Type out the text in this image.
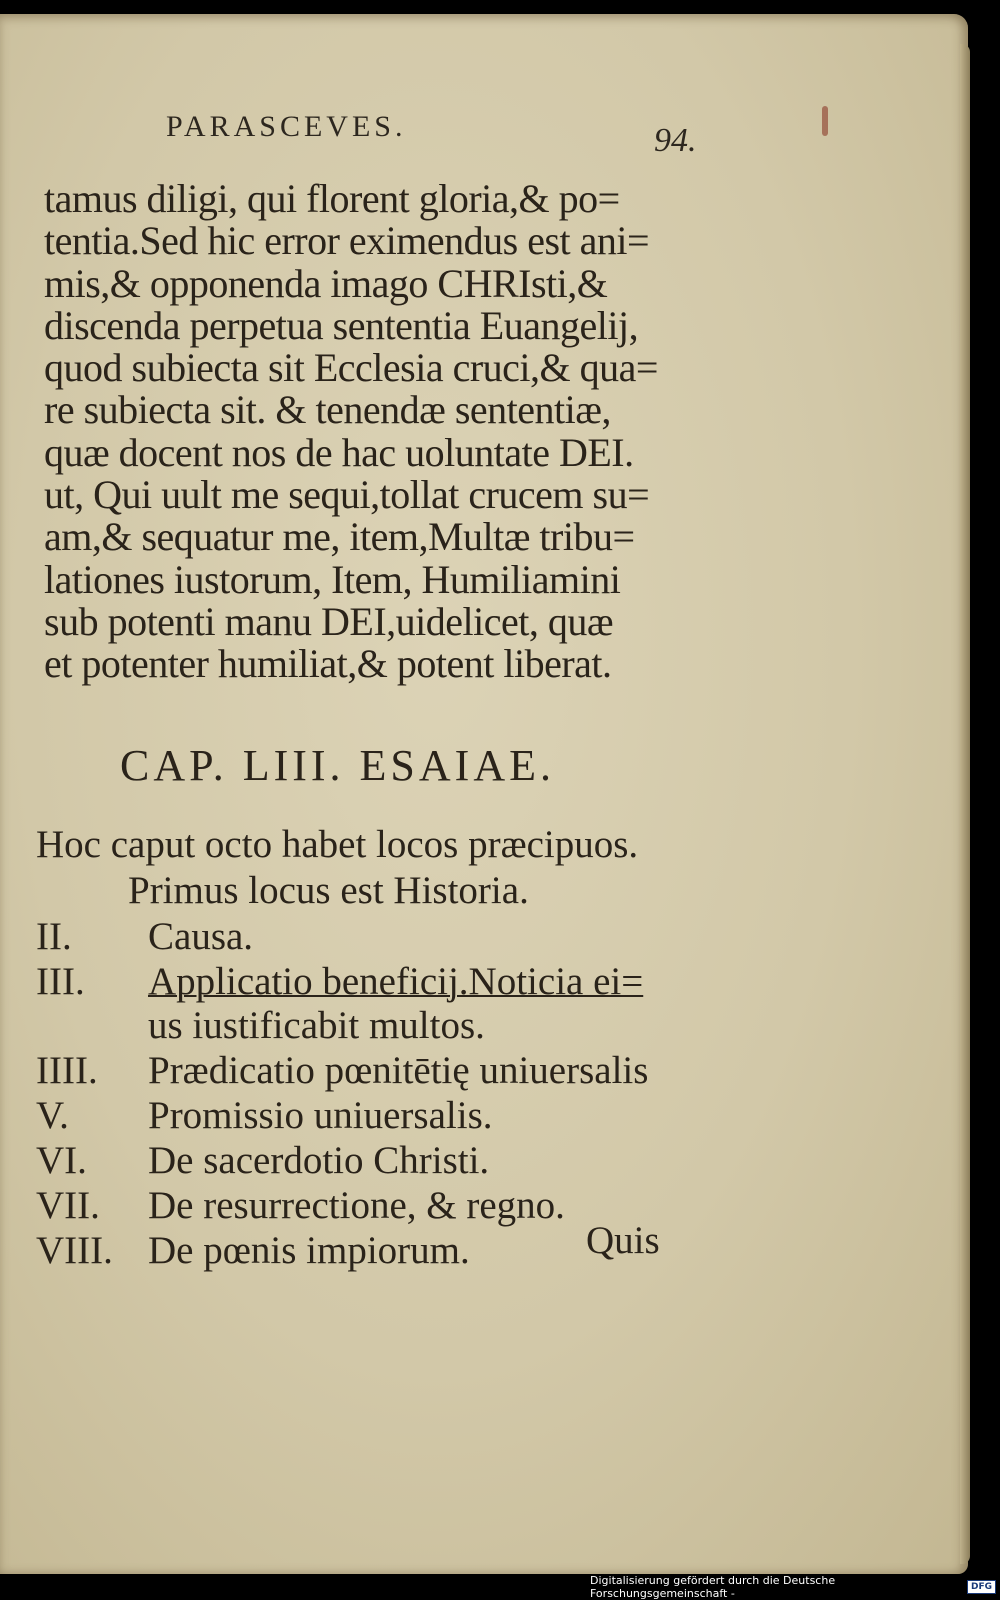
PARASCEVES.	94.
tamus diligi, qui florent gloria,& po=
tentia.Sed hic error eximendus est ani=
mis,& opponenda imago CHRIsti,&
discenda perpetua sententia Euangelij,
quod subiecta sit Ecclesia cruci,& qua=
re subiecta sit. & tenendæ sententiæ,
quæ docent nos de hac uoluntate DEI.
ut, Qui uult me sequi,tollat crucem su=
am,& sequatur me, item,Multæ tribu=
lationes iustorum, Item, Humiliamini
sub potenti manu DEI,uidelicet, quæ
et potenter humiliat,& potent liberat.
CAP. LIII. ESAIAE.
Hoc caput octo habet locos præcipuos.
Primus locus est Historia.
II.	Causa.
III.	Applicatio beneficij.Noticia ei=
us iustificabit multos.
IIII.	Prædicatio pœnitētię uniuersalis
V.	Promissio uniuersalis.
VI.	De sacerdotio Christi.
VII.	De resurrectione, & regno.
VIII. De pœnis impiorum.	Quis
Digitalisierung gefördert durch die Deutsche Forschungsgemeinschaft -	DFG
